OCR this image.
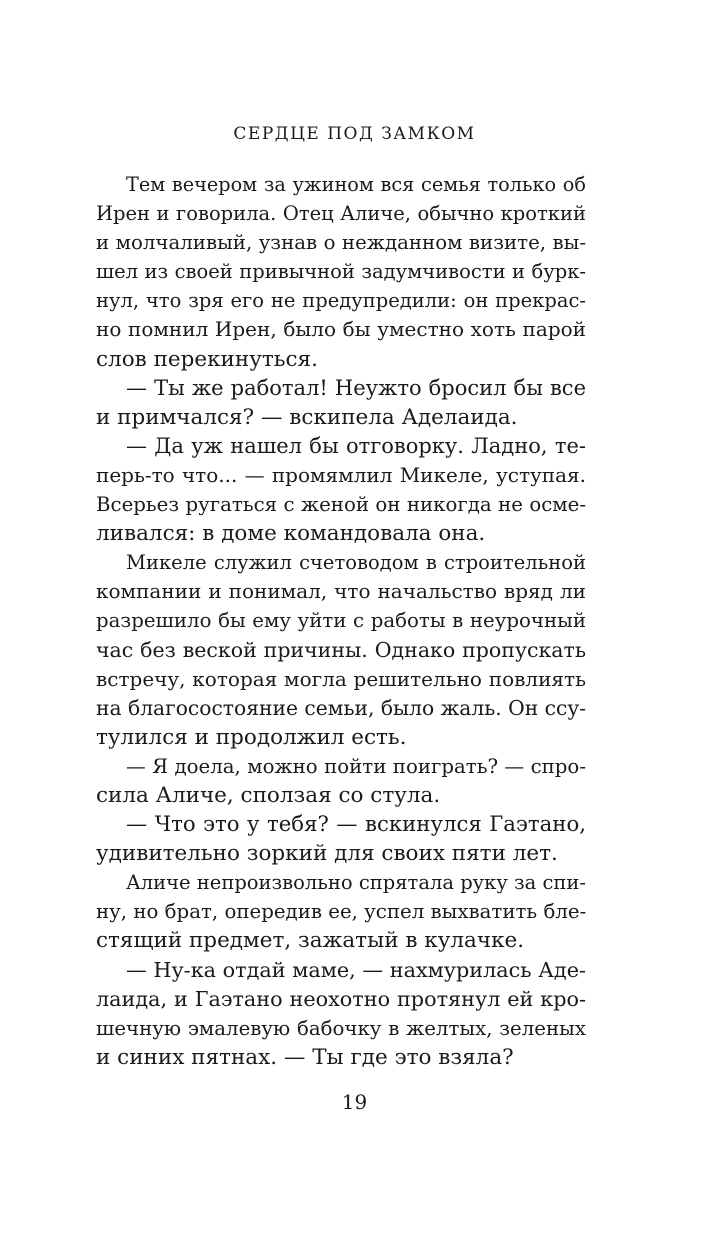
СЕРДЦЕ ПОД ЗАМКОМ
Тем вечером за ужином вся семья только об
Ирен и говорила. Отец Аличе, обычно кроткий
и молчаливый, узнав о нежданном визите, вы-
шел из своей привычной задумчивости и бурк-
нул, что зря его не предупредили: он прекрас-
но помнил Ирен, было бы уместно хоть парой
слов перекинуться.
— Ты же работал! Неужто бросил бы все
и примчался? — вскипела Аделаида.
— Да уж нашел бы отговорку. Ладно, те-
перь-то что... — промямлил Микеле, уступая.
Всерьез ругаться с женой он никогда не осме-
ливался: в доме командовала она.
Микеле служил счетоводом в строительной
компании и понимал, что начальство вряд ли
разрешило бы ему уйти с работы в неурочный
час без веской причины. Однако пропускать
встречу, которая могла решительно повлиять
на благосостояние семьи, было жаль. Он ссу-
тулился и продолжил есть.
— Я доела, можно пойти поиграть? — спро-
сила Аличе, сползая со стула.
— Что это у тебя? — вскинулся Гаэтано,
удивительно зоркий для своих пяти лет.
Аличе непроизвольно спрятала руку за спи-
ну, но брат, опередив ее, успел выхватить бле-
стящий предмет, зажатый в кулачке.
— Ну-ка отдай маме, — нахмурилась Аде-
лаида, и Гаэтано неохотно протянул ей кро-
шечную эмалевую бабочку в желтых, зеленых
и синих пятнах. — Ты где это взяла?
19
